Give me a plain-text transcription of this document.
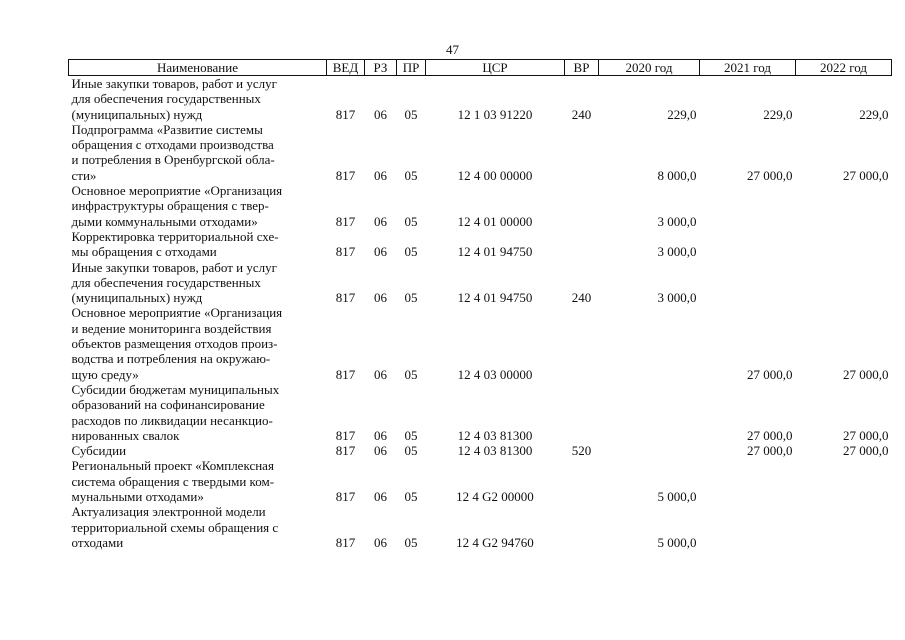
47
Наименование	ВЕД	РЗ	ПР	ЦСР	ВР	2020 год	2021 год	2022 год

Иные закупки товаров, работ и услуг
для обеспечения государственных
(муниципальных) нужд	817	06	05	12 1 03 91220	240	229,0	229,0	229,0

Подпрограмма «Развитие системы
обращения с отходами производства
и потребления в Оренбургской обла-
сти»	817	06	05	12 4 00 00000		8 000,0	27 000,0	27 000,0

Основное мероприятие «Организация
инфраструктуры обращения с твер-
дыми коммунальными отходами»	817	06	05	12 4 01 00000		3 000,0		

Корректировка территориальной схе-
мы обращения с отходами	817	06	05	12 4 01 94750		3 000,0		

Иные закупки товаров, работ и услуг
для обеспечения государственных
(муниципальных) нужд	817	06	05	12 4 01 94750	240	3 000,0		

Основное мероприятие «Организация
и ведение мониторинга воздействия
объектов размещения отходов произ-
водства и потребления на окружаю-
щую среду»	817	06	05	12 4 03 00000			27 000,0	27 000,0

Субсидии бюджетам муниципальных
образований на софинансирование
расходов по ликвидации несанкцио-
нированных свалок	817	06	05	12 4 03 81300			27 000,0	27 000,0

Субсидии	817	06	05	12 4 03 81300	520		27 000,0	27 000,0

Региональный проект «Комплексная
система обращения с твердыми ком-
мунальными отходами»	817	06	05	12 4 G2 00000		5 000,0		

Актуализация электронной модели
территориальной схемы обращения с
отходами	817	06	05	12 4 G2 94760		5 000,0		
